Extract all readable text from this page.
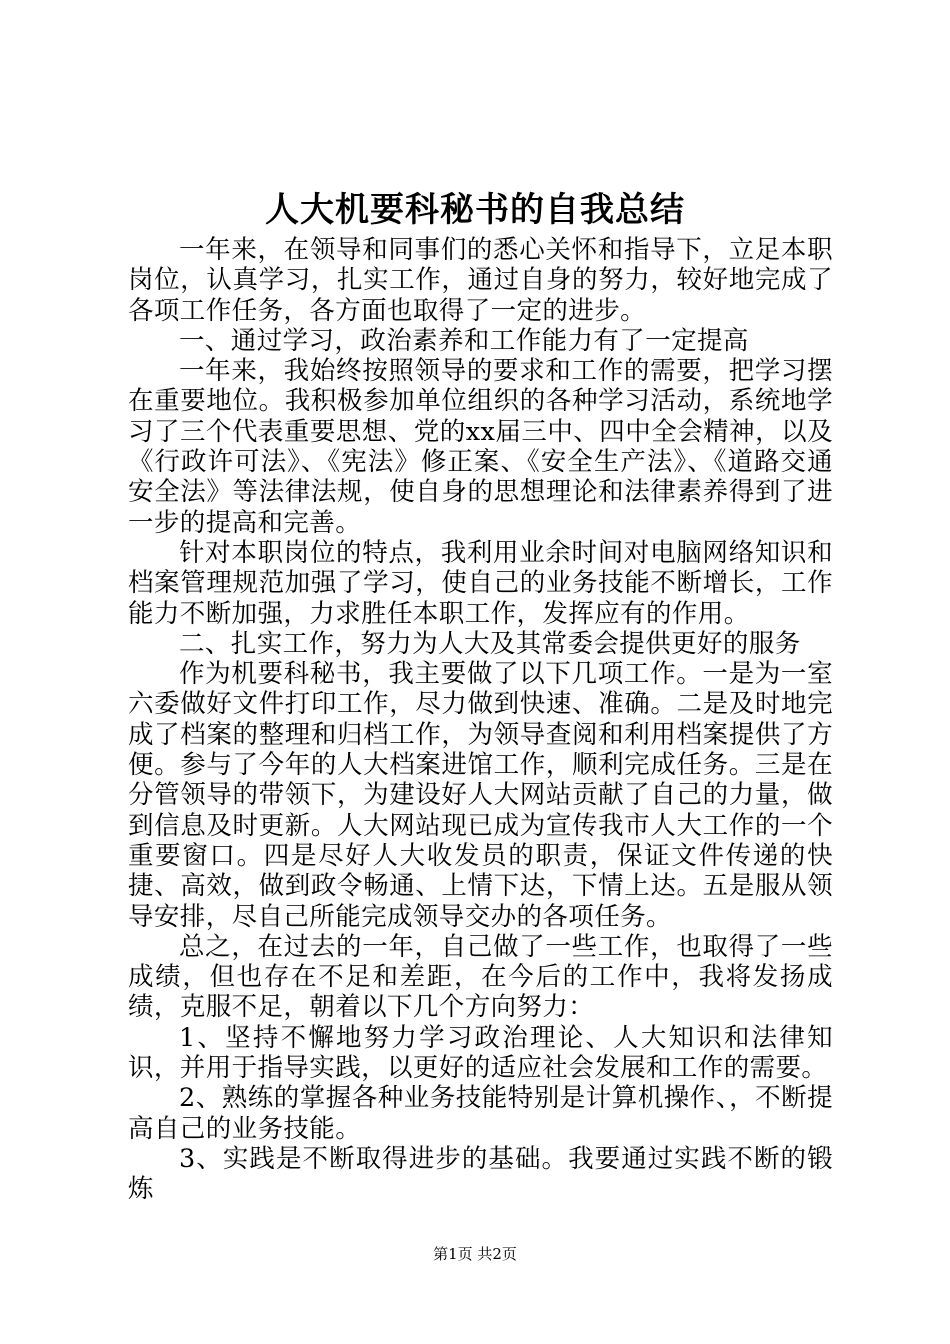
人大机要科秘书的自我总结

一年来，在领导和同事们的悉心关怀和指导下，立足本职岗位，认真学习，扎实工作，通过自身的努力，较好地完成了各项工作任务，各方面也取得了一定的进步。

一、通过学习，政治素养和工作能力有了一定提高

一年来，我始终按照领导的要求和工作的需要，把学习摆在重要地位。我积极参加单位组织的各种学习活动，系统地学习了三个代表重要思想、党的xx届三中、四中全会精神，以及《行政许可法》、《宪法》修正案、《安全生产法》、《道路交通安全法》等法律法规，使自身的思想理论和法律素养得到了进一步的提高和完善。

针对本职岗位的特点，我利用业余时间对电脑网络知识和档案管理规范加强了学习，使自己的业务技能不断增长，工作能力不断加强，力求胜任本职工作，发挥应有的作用。

二、扎实工作，努力为人大及其常委会提供更好的服务

作为机要科秘书，我主要做了以下几项工作。一是为一室六委做好文件打印工作，尽力做到快速、准确。二是及时地完成了档案的整理和归档工作，为领导查阅和利用档案提供了方便。参与了今年的人大档案进馆工作，顺利完成任务。三是在分管领导的带领下，为建设好人大网站贡献了自己的力量，做到信息及时更新。人大网站现已成为宣传我市人大工作的一个重要窗口。四是尽好人大收发员的职责，保证文件传递的快捷、高效，做到政令畅通、上情下达，下情上达。五是服从领导安排，尽自己所能完成领导交办的各项任务。

总之，在过去的一年，自己做了一些工作，也取得了一些成绩，但也存在不足和差距，在今后的工作中，我将发扬成绩，克服不足，朝着以下几个方向努力：

1、坚持不懈地努力学习政治理论、人大知识和法律知识，并用于指导实践，以更好的适应社会发展和工作的需要。

2、熟练的掌握各种业务技能特别是计算机操作、，不断提高自己的业务技能。

3、实践是不断取得进步的基础。我要通过实践不断的锻炼

第1页 共2页
